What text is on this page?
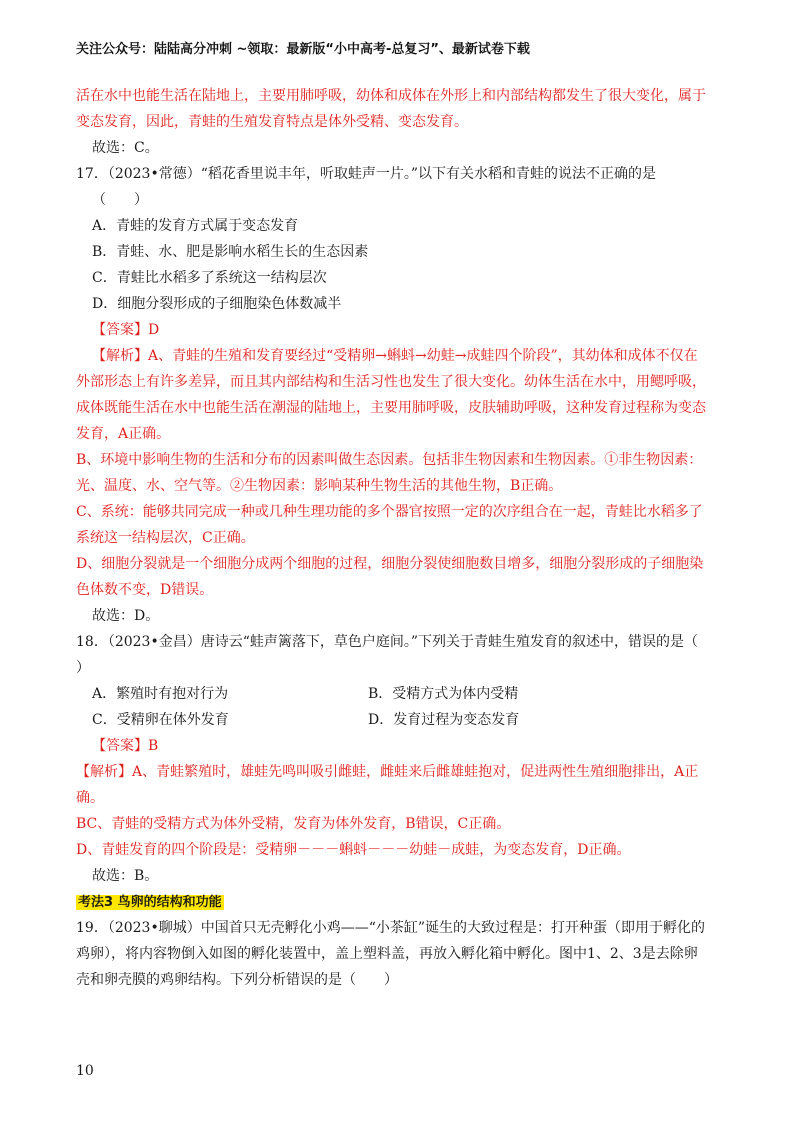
关注公众号：陆陆高分冲刺 ~领取：最新版“小中高考-总复习”、最新试卷下载
活在水中也能生活在陆地上，主要用肺呼吸，幼体和成体在外形上和内部结构都发生了很大变化，属于
变态发育，因此，青蛙的生殖发育特点是体外受精、变态发育。
故选：C。
17．（2023•常德）“稻花香里说丰年，听取蛙声一片。”以下有关水稻和青蛙的说法不正确的是
（　　）
A．青蛙的发育方式属于变态发育
B．青蛙、水、肥是影响水稻生长的生态因素
C．青蛙比水稻多了系统这一结构层次
D．细胞分裂形成的子细胞染色体数减半
【答案】D
【解析】A、青蛙的生殖和发育要经过“受精卵→蝌蚪→幼蛙→成蛙四个阶段”，其幼体和成体不仅在
外部形态上有许多差异，而且其内部结构和生活习性也发生了很大变化。幼体生活在水中，用鳃呼吸，
成体既能生活在水中也能生活在潮湿的陆地上，主要用肺呼吸，皮肤辅助呼吸，这种发育过程称为变态
发育，A正确。
B、环境中影响生物的生活和分布的因素叫做生态因素。包括非生物因素和生物因素。①非生物因素：
光、温度、水、空气等。②生物因素：影响某种生物生活的其他生物，B正确。
C、系统：能够共同完成一种或几种生理功能的多个器官按照一定的次序组合在一起，青蛙比水稻多了
系统这一结构层次，C正确。
D、细胞分裂就是一个细胞分成两个细胞的过程，细胞分裂使细胞数目增多，细胞分裂形成的子细胞染
色体数不变，D错误。
故选：D。
18．（2023•金昌）唐诗云“蛙声篱落下，草色户庭间。”下列关于青蛙生殖发育的叙述中，错误的是（
）
A．繁殖时有抱对行为	B．受精方式为体内受精
C．受精卵在体外发育	D．发育过程为变态发育
【答案】B
【解析】A、青蛙繁殖时，雄蛙先鸣叫吸引雌蛙，雌蛙来后雌雄蛙抱对，促进两性生殖细胞排出，A正
确。
BC、青蛙的受精方式为体外受精，发育为体外发育，B错误，C正确。
D、青蛙发育的四个阶段是：受精卵－－－蝌蚪－－－幼蛙－成蛙，为变态发育，D正确。
故选：B。
考法3 鸟卵的结构和功能
19．（2023•聊城）中国首只无壳孵化小鸡——“小茶缸”诞生的大致过程是：打开种蛋（即用于孵化的
鸡卵），将内容物倒入如图的孵化装置中，盖上塑料盖，再放入孵化箱中孵化。图中1、2、3是去除卵
壳和卵壳膜的鸡卵结构。下列分析错误的是（　　）
10
